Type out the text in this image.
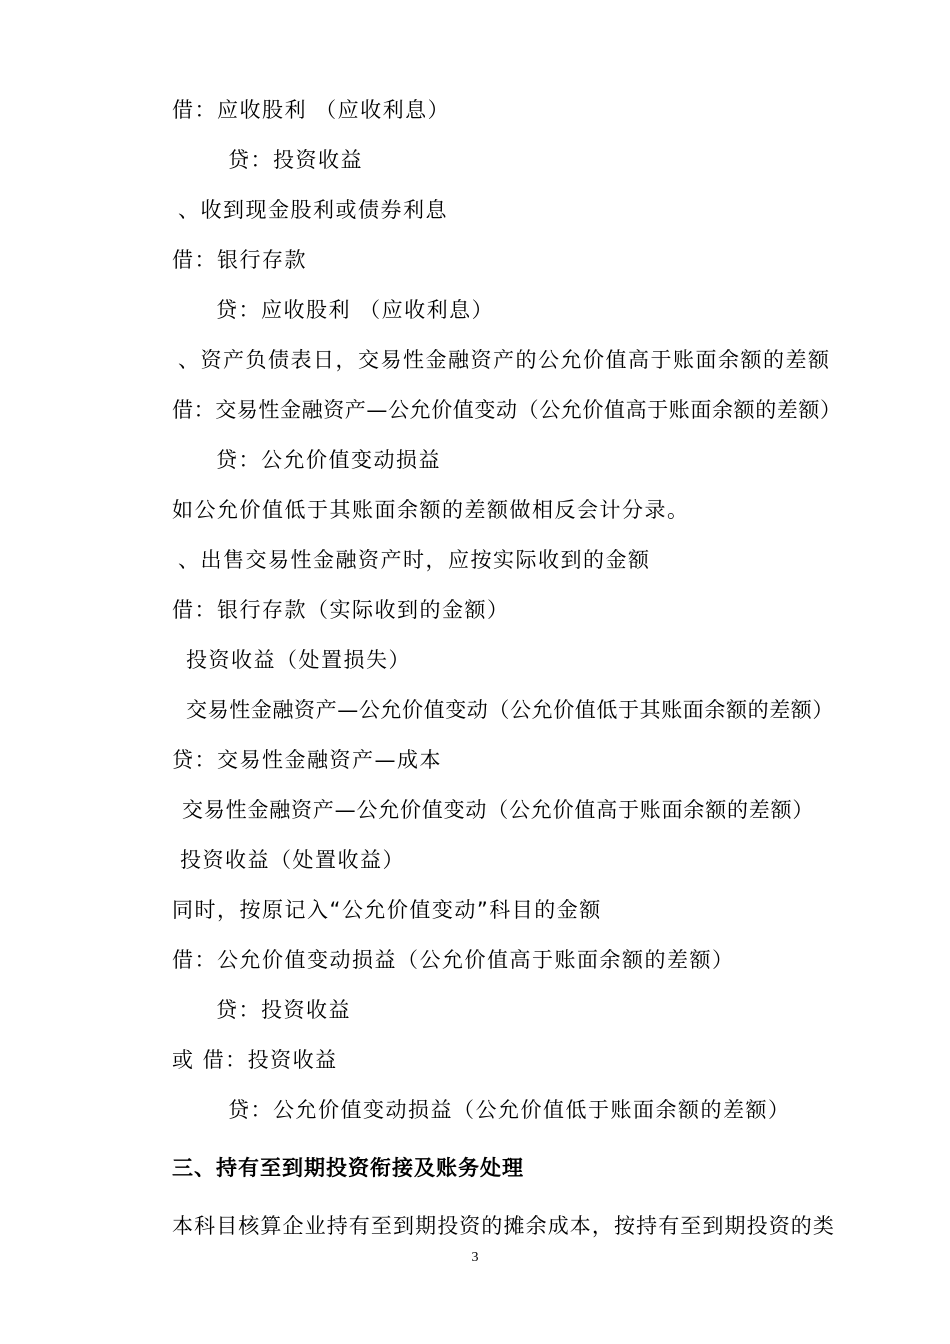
借：应收股利 （应收利息）
贷：投资收益
、收到现金股利或债券利息
借：银行存款
贷：应收股利 （应收利息）
、资产负债表日，交易性金融资产的公允价值高于账面余额的差额
借：交易性金融资产—公允价值变动（公允价值高于账面余额的差额）
贷：公允价值变动损益
如公允价值低于其账面余额的差额做相反会计分录。
、出售交易性金融资产时，应按实际收到的金额
借：银行存款（实际收到的金额）
投资收益（处置损失）
交易性金融资产—公允价值变动（公允价值低于其账面余额的差额）
贷：交易性金融资产—成本
交易性金融资产—公允价值变动（公允价值高于账面余额的差额）
投资收益（处置收益）
同时，按原记入“公允价值变动”科目的金额
借：公允价值变动损益（公允价值高于账面余额的差额）
贷：投资收益
或 借：投资收益
贷：公允价值变动损益（公允价值低于账面余额的差额）
三、持有至到期投资衔接及账务处理
本科目核算企业持有至到期投资的摊余成本，按持有至到期投资的类
3
